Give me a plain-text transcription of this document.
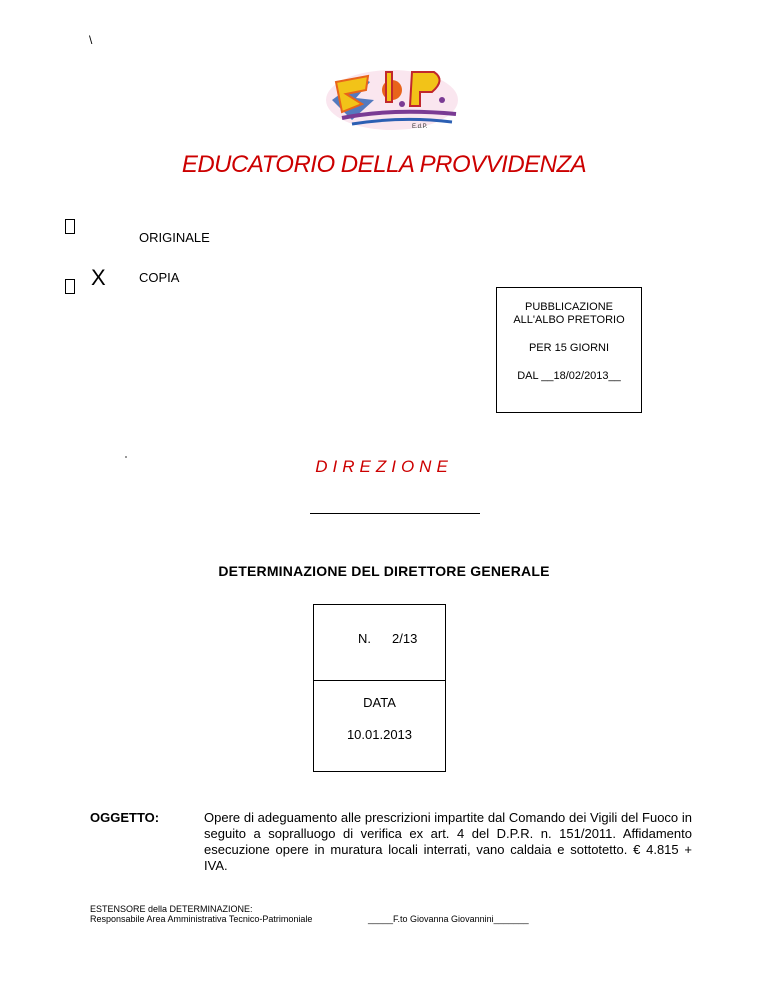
\
E.d.P.
EDUCATORIO DELLA PROVVIDENZA
ORIGINALE
X	COPIA
PUBBLICAZIONE
ALL'ALBO PRETORIO
PER 15 GIORNI
DAL __18/02/2013__
DIREZIONE
DETERMINAZIONE DEL DIRETTORE GENERALE
N. 2/13
DATA
10.01.2013
OGGETTO:	Opere di adeguamento alle prescrizioni impartite dal Comando dei Vigili del Fuoco in seguito a sopralluogo di verifica ex art. 4 del D.P.R. n. 151/2011. Affidamento esecuzione opere in muratura locali interrati, vano caldaia e sottotetto. € 4.815 + IVA.
ESTENSORE della DETERMINAZIONE:
Responsabile Area Amministrativa Tecnico-Patrimoniale	_____F.to Giovanna Giovannini_______
